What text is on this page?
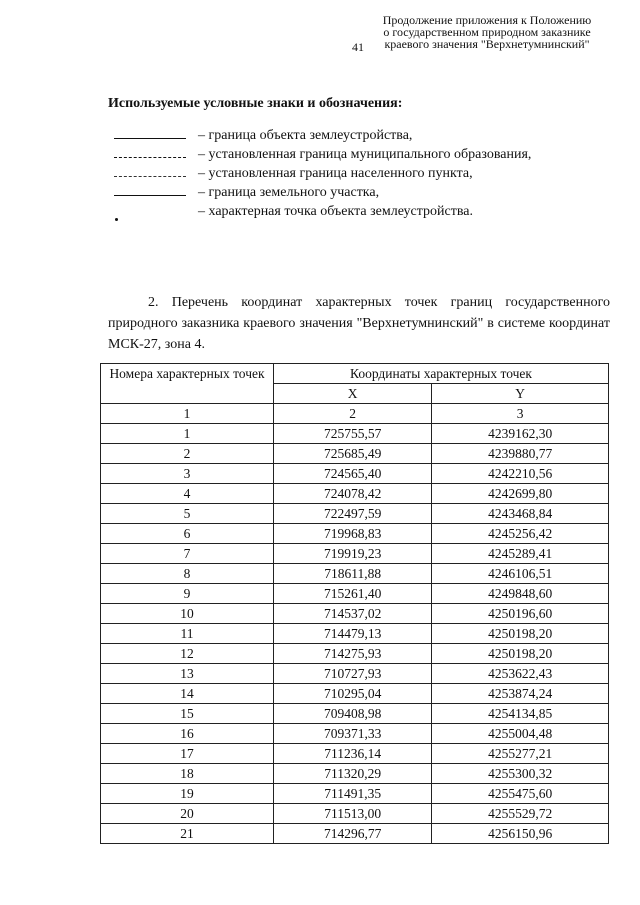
Продолжение приложения к Положению
о государственном природном заказнике
краевого значения "Верхнетумнинский"
41
Используемые условные знаки и обозначения:
– граница объекта землеустройства,
– установленная граница муниципального образования,
– установленная граница населенного пункта,
– граница земельного участка,
– характерная точка объекта землеустройства.
2. Перечень координат характерных точек границ государственного природного заказника краевого значения "Верхнетумнинский" в системе координат МСК-27, зона 4.
Номера характерных точек	Координаты характерных точек	
	X	Y
1	2	3
1	725755,57	4239162,30
2	725685,49	4239880,77
3	724565,40	4242210,56
4	724078,42	4242699,80
5	722497,59	4243468,84
6	719968,83	4245256,42
7	719919,23	4245289,41
8	718611,88	4246106,51
9	715261,40	4249848,60
10	714537,02	4250196,60
11	714479,13	4250198,20
12	714275,93	4250198,20
13	710727,93	4253622,43
14	710295,04	4253874,24
15	709408,98	4254134,85
16	709371,33	4255004,48
17	711236,14	4255277,21
18	711320,29	4255300,32
19	711491,35	4255475,60
20	711513,00	4255529,72
21	714296,77	4256150,96
